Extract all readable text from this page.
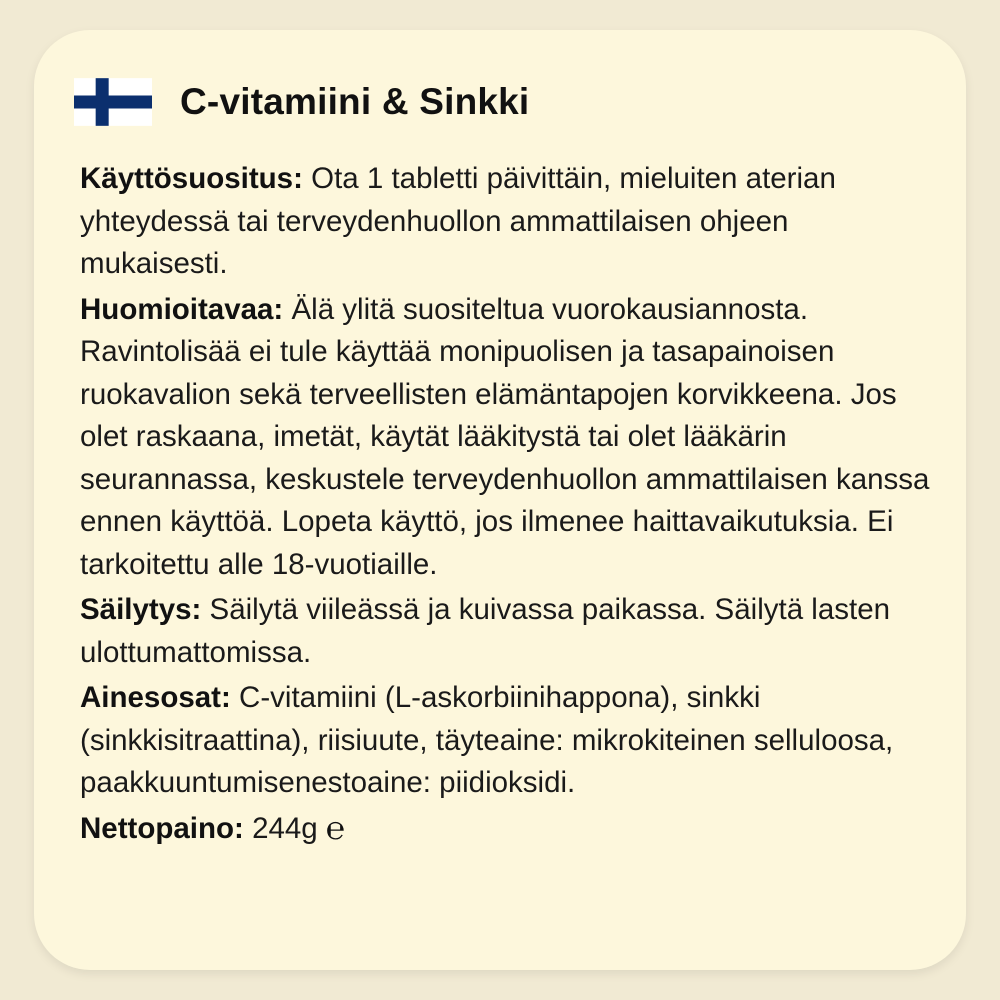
C-vitamiini & Sinkki

Käyttösuositus: Ota 1 tabletti päivittäin, mieluiten aterian yhteydessä tai terveydenhuollon ammattilaisen ohjeen mukaisesti.

Huomioitavaa: Älä ylitä suositeltua vuorokausiannosta. Ravintolisää ei tule käyttää monipuolisen ja tasapainoisen ruokavalion sekä terveellisten elämäntapojen korvikkeena. Jos olet raskaana, imetät, käytät lääkitystä tai olet lääkärin seurannassa, keskustele terveydenhuollon ammattilaisen kanssa ennen käyttöä. Lopeta käyttö, jos ilmenee haittavaikutuksia. Ei tarkoitettu alle 18-vuotiaille.

Säilytys: Säilytä viileässä ja kuivassa paikassa. Säilytä lasten ulottumattomissa.

Ainesosat: C-vitamiini (L-askorbiinihappona), sinkki (sinkkisitraattina), riisiuute, täyteaine: mikrokiteinen selluloosa, paakkuuntumisenestoaine: piidioksidi.

Nettopaino: 244g ℮
